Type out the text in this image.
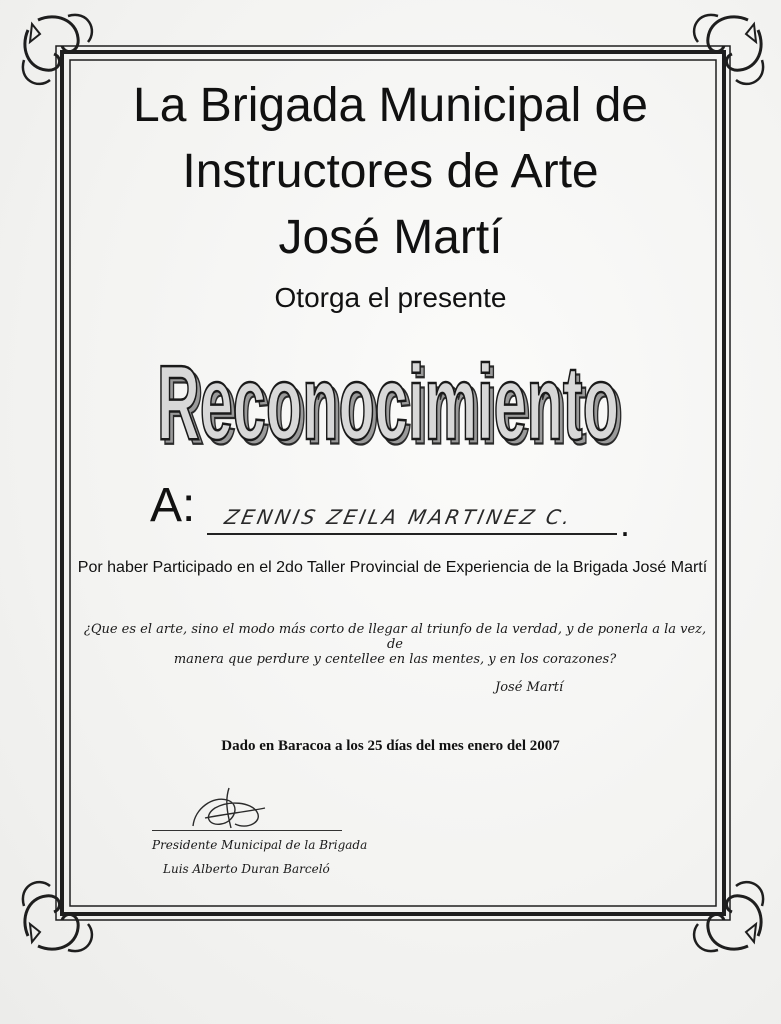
La Brigada Municipal de
Instructores de Arte
José Martí
Otorga el presente
Reconocimiento
Reconocimiento
A: ZENNIS ZEILA MARTINEZ C.	.
Por haber Participado en el 2do Taller Provincial de Experiencia de la Brigada José Martí
¿Que es el arte, sino el modo más corto de llegar al triunfo de la verdad, y de ponerla a la vez, de
manera que perdure y centellee en las mentes, y en los corazones?
José Martí
Dado en Baracoa a los 25 días del mes enero del 2007
Presidente Municipal de la Brigada
Luis Alberto Duran Barceló
